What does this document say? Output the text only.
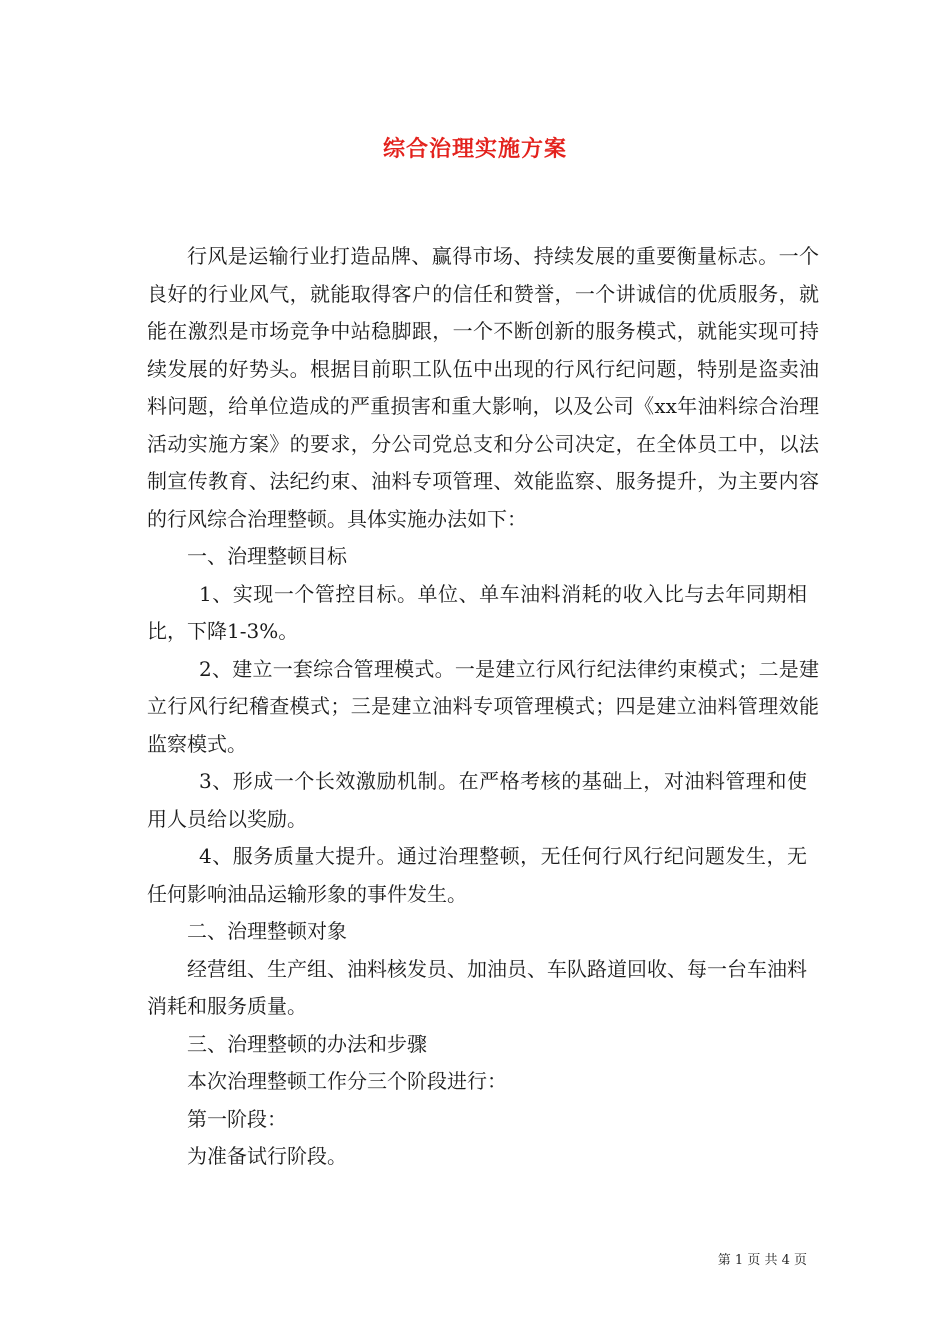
综合治理实施方案

行风是运输行业打造品牌、赢得市场、持续发展的重要衡量标志。一个良好的行业风气，就能取得客户的信任和赞誉，一个讲诚信的优质服务，就能在激烈是市场竞争中站稳脚跟，一个不断创新的服务模式，就能实现可持续发展的好势头。根据目前职工队伍中出现的行风行纪问题，特别是盗卖油料问题，给单位造成的严重损害和重大影响，以及公司《xx年油料综合治理活动实施方案》的要求，分公司党总支和分公司决定，在全体员工中，以法制宣传教育、法纪约束、油料专项管理、效能监察、服务提升，为主要内容的行风综合治理整顿。具体实施办法如下：

一、治理整顿目标

1、实现一个管控目标。单位、单车油料消耗的收入比与去年同期相比，下降1-3%。

2、建立一套综合管理模式。一是建立行风行纪法律约束模式；二是建立行风行纪稽查模式；三是建立油料专项管理模式；四是建立油料管理效能监察模式。

3、形成一个长效激励机制。在严格考核的基础上，对油料管理和使用人员给以奖励。

4、服务质量大提升。通过治理整顿，无任何行风行纪问题发生，无任何影响油品运输形象的事件发生。

二、治理整顿对象

经营组、生产组、油料核发员、加油员、车队路道回收、每一台车油料消耗和服务质量。

三、治理整顿的办法和步骤

本次治理整顿工作分三个阶段进行：

第一阶段：

为准备试行阶段。

第 1 页 共 4 页
